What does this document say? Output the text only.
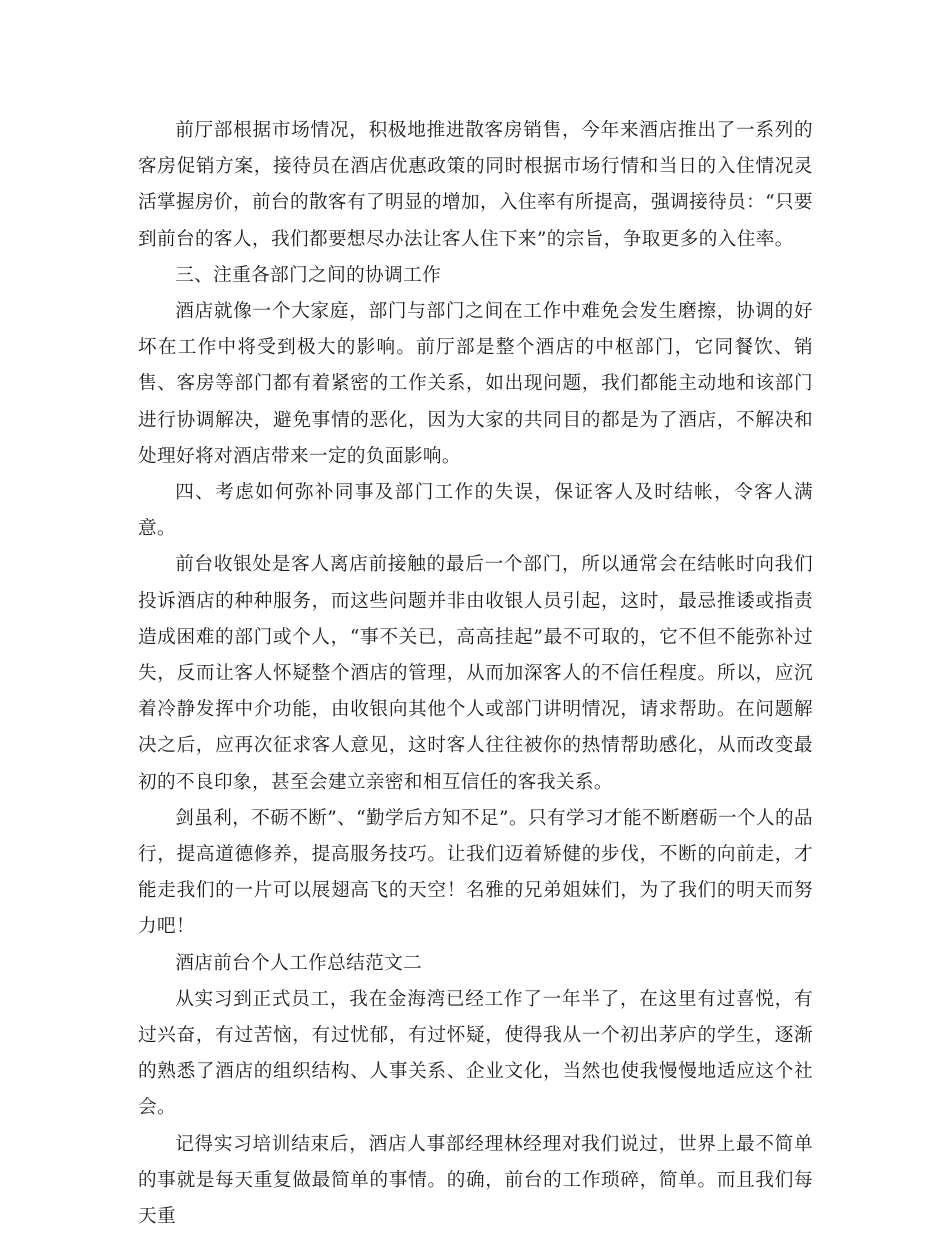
前厅部根据市场情况，积极地推进散客房销售，今年来酒店推出了一系列的客房促销方案，接待员在酒店优惠政策的同时根据市场行情和当日的入住情况灵活掌握房价，前台的散客有了明显的增加，入住率有所提高，强调接待员：“只要到前台的客人，我们都要想尽办法让客人住下来”的宗旨，争取更多的入住率。

三、注重各部门之间的协调工作

酒店就像一个大家庭，部门与部门之间在工作中难免会发生磨擦，协调的好坏在工作中将受到极大的影响。前厅部是整个酒店的中枢部门，它同餐饮、销售、客房等部门都有着紧密的工作关系，如出现问题，我们都能主动地和该部门进行协调解决，避免事情的恶化，因为大家的共同目的都是为了酒店，不解决和处理好将对酒店带来一定的负面影响。

四、考虑如何弥补同事及部门工作的失误，保证客人及时结帐，令客人满意。

前台收银处是客人离店前接触的最后一个部门，所以通常会在结帐时向我们投诉酒店的种种服务，而这些问题并非由收银人员引起，这时，最忌推诿或指责造成困难的部门或个人，“事不关已，高高挂起”最不可取的，它不但不能弥补过失，反而让客人怀疑整个酒店的管理，从而加深客人的不信任程度。所以，应沉着冷静发挥中介功能，由收银向其他个人或部门讲明情况，请求帮助。在问题解决之后，应再次征求客人意见，这时客人往往被你的热情帮助感化，从而改变最初的不良印象，甚至会建立亲密和相互信任的客我关系。

剑虽利，不砺不断”、“勤学后方知不足”。只有学习才能不断磨砺一个人的品行，提高道德修养，提高服务技巧。让我们迈着矫健的步伐，不断的向前走，才能走我们的一片可以展翅高飞的天空！名雅的兄弟姐妹们，为了我们的明天而努力吧！

酒店前台个人工作总结范文二

从实习到正式员工，我在金海湾已经工作了一年半了，在这里有过喜悦，有过兴奋，有过苦恼，有过忧郁，有过怀疑，使得我从一个初出茅庐的学生，逐渐的熟悉了酒店的组织结构、人事关系、企业文化，当然也使我慢慢地适应这个社会。

记得实习培训结束后，酒店人事部经理林经理对我们说过，世界上最不简单的事就是每天重复做最简单的事情。的确，前台的工作琐碎，简单。而且我们每天重
